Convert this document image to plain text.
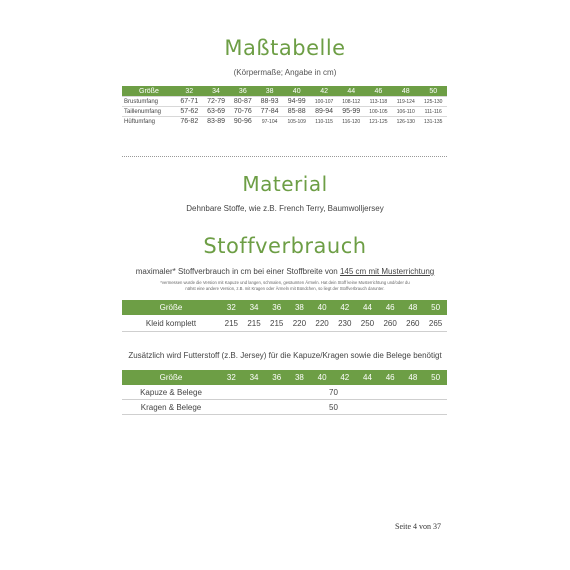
Maßtabelle
(Körpermaße; Angabe in cm)
Größe	32	34	36	38	40	42	44	46	48	50
Brustumfang	67-71	72-79	80-87	88-93	94-99	100-107	108-112	113-118	119-124	125-130
Taillenumfang	57-62	63-69	70-76	77-84	85-88	89-94	95-99	100-105	106-110	111-116
Hüftumfang	76-82	83-89	90-96	97-104	105-109	110-115	116-120	121-125	126-130	131-135
Material
Dehnbare Stoffe, wie z.B. French Terry, Baumwolljersey
Stoffverbrauch
maximaler* Stoffverbrauch in cm bei einer Stoffbreite von 145 cm mit Musterrichtung
*vermessen wurde die Version mit Kapuze und langen, schmalen, gesäumten Ärmeln. Hat dein Stoff keine Musterrichtung und/oder du
nähst eine andere Version, z.B. mit Kragen oder Ärmeln mit Bündchen, so liegt der Stoffverbrauch darunter.
Größe	32	34	36	38	40	42	44	46	48	50
Kleid komplett	215	215	215	220	220	230	250	260	260	265
Zusätzlich wird Futterstoff (z.B. Jersey) für die Kapuze/Kragen sowie die Belege benötigt
Größe	32	34	36	38	40	42	44	46	48	50
Kapuze & Belege	70									
Kragen & Belege	50									
Seite 4 von 37
